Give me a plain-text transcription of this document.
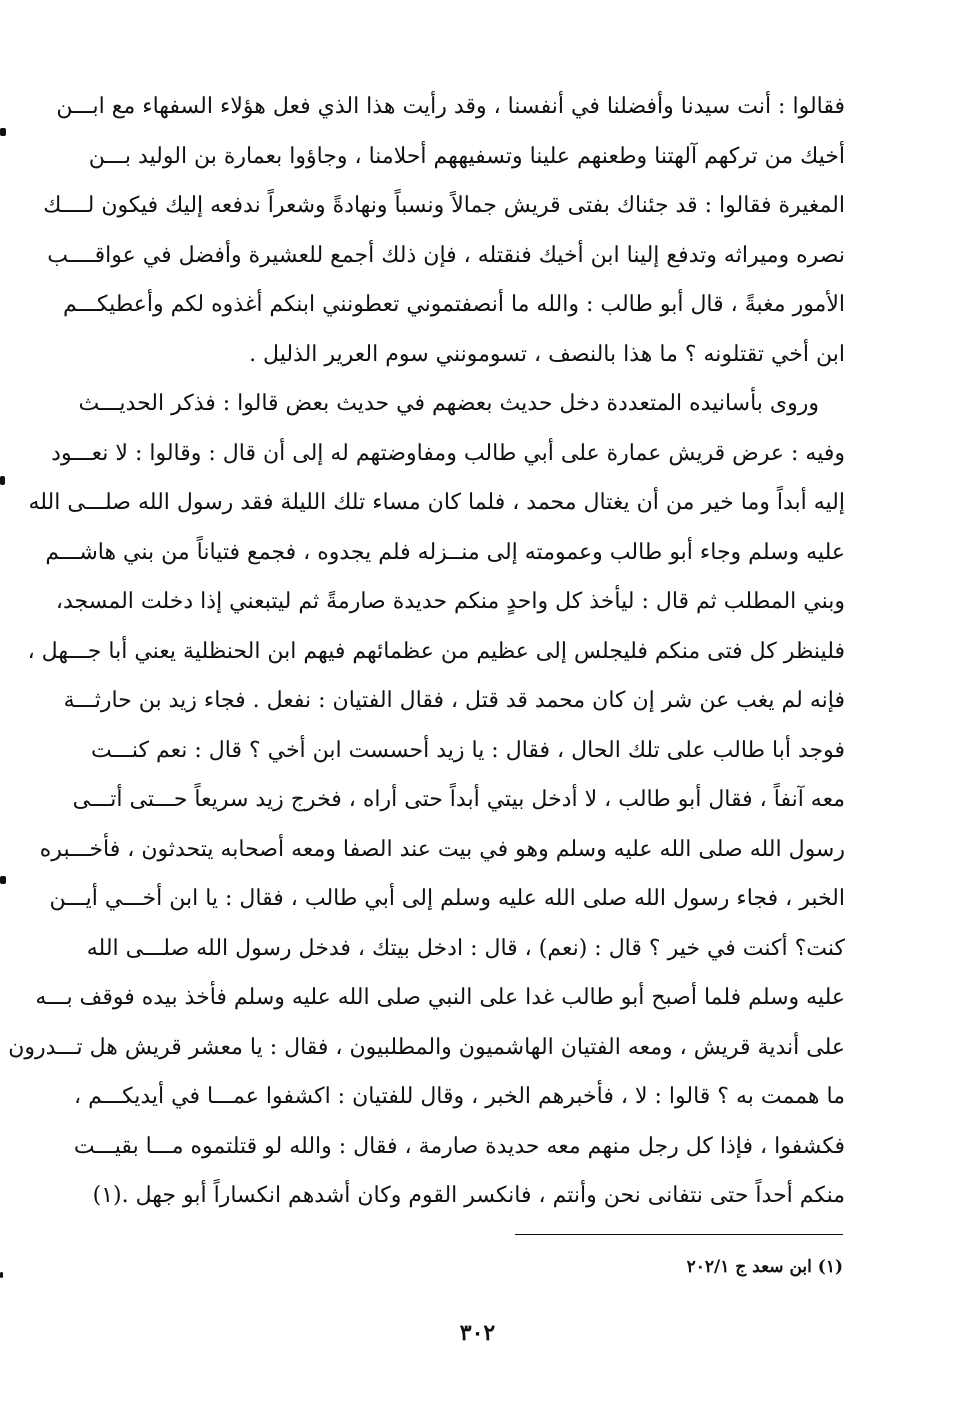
فقالوا : أنت سيدنا وأفضلنا في أنفسنا ، وقد رأيت هذا الذي فعل هؤلاء السفهاء مع ابـــن
أخيك من تركهم آلهتنا وطعنهم علينا وتسفيههم أحلامنا ، وجاؤوا بعمارة بن الوليد بـــن
المغيرة فقالوا : قد جئناك بفتى قريش جمالاً ونسباً ونهادةً وشعراً ندفعه إليك فيكون لــــك
نصره وميراثه وتدفع إلينا ابن أخيك فنقتله ، فإن ذلك أجمع للعشيرة وأفضل في عواقــــب
الأمور مغبةً ، قال أبو طالب : والله ما أنصفتموني تعطونني ابنكم أغذوه لكم وأعطيكـــم
ابن أخي تقتلونه ؟ ما هذا بالنصف ، تسومونني سوم العرير الذليل .
وروى بأسانيده المتعددة دخل حديث بعضهم في حديث بعض قالوا : فذكر الحديـــث
وفيه : عرض قريش عمارة على أبي طالب ومفاوضتهم له إلى أن قال : وقالوا : لا نعـــود
إليه أبداً وما خير من أن يغتال محمد ، فلما كان مساء تلك الليلة فقد رسول الله صلـــى الله
عليه وسلم وجاء أبو طالب وعمومته إلى منــزله فلم يجدوه ، فجمع فتياناً من بني هاشـــم
وبني المطلب ثم قال : ليأخذ كل واحدٍ منكم حديدة صارمةً ثم ليتبعني إذا دخلت المسجد،
فلينظر كل فتى منكم فليجلس إلى عظيم من عظمائهم فيهم ابن الحنظلية يعني أبا جـــهل ،
فإنه لم يغب عن شر إن كان محمد قد قتل ، فقال الفتيان : نفعل . فجاء زيد بن حارثـــة
فوجد أبا طالب على تلك الحال ، فقال : يا زيد أحسست ابن أخي ؟ قال : نعم كنـــت
معه آنفاً ، فقال أبو طالب ، لا أدخل بيتي أبداً حتى أراه ، فخرج زيد سريعاً حـــتى أتـــى
رسول الله صلى الله عليه وسلم وهو في بيت عند الصفا ومعه أصحابه يتحدثون ، فأخـــبره
الخبر ، فجاء رسول الله صلى الله عليه وسلم إلى أبي طالب ، فقال : يا ابن أخـــي أيـــن
كنت؟ أكنت في خير ؟ قال : (نعم) ، قال : ادخل بيتك ، فدخل رسول الله صلـــى الله
عليه وسلم فلما أصبح أبو طالب غدا على النبي صلى الله عليه وسلم فأخذ بيده فوقف بـــه
على أندية قريش ، ومعه الفتيان الهاشميون والمطلبيون ، فقال : يا معشر قريش هل تـــدرون
ما هممت به ؟ قالوا : لا ، فأخبرهم الخبر ، وقال للفتيان : اكشفوا عمـــا في أيديكـــم ،
فكشفوا ، فإذا كل رجل منهم معه حديدة صارمة ، فقال : والله لو قتلتموه مـــا بقيـــت
منكم أحداً حتى نتفانى نحن وأنتم ، فانكسر القوم وكان أشدهم انكساراً أبو جهل .(١)
(١) ابن سعد ج ٢٠٢/١
٣٠٢
